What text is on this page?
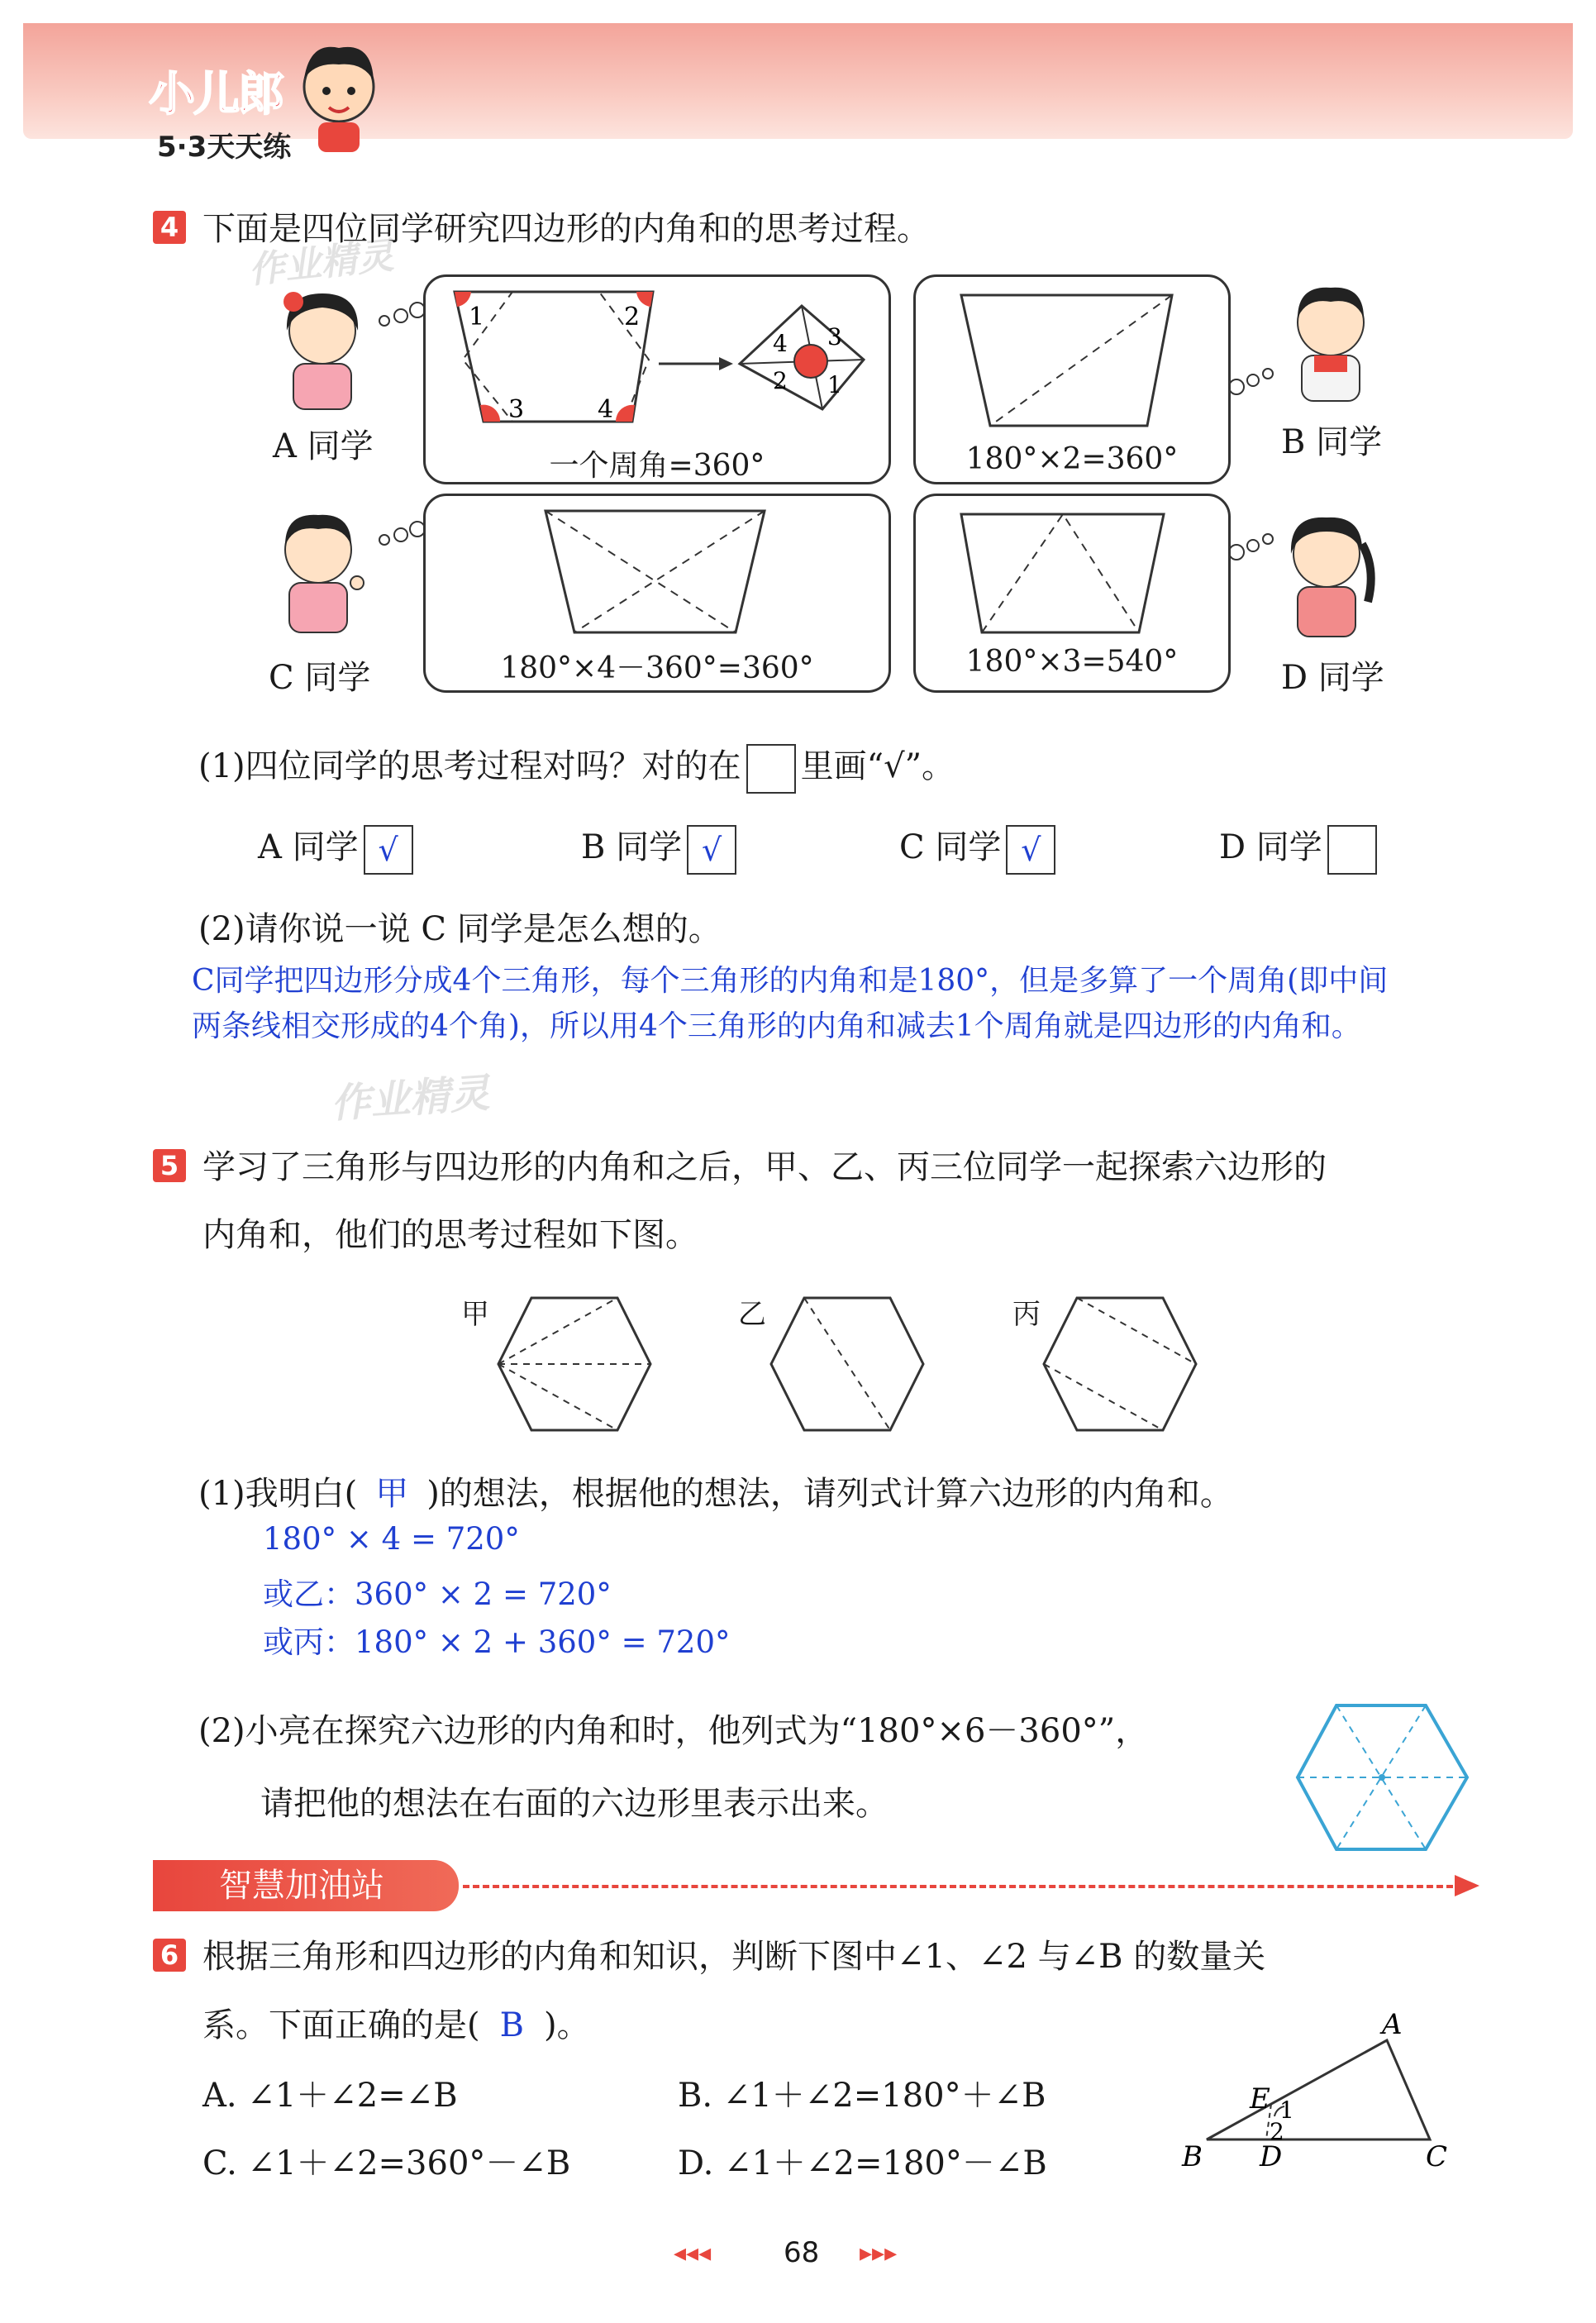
小儿郎
5·3天天练
作业精灵
作业精灵
4 下面是四位同学研究四边形的内角和的思考过程。
1	2
3	4
4 3
2 1
一个周角=360°	180°×2=360°
180°×4－360°=360°	180°×3=540°
A 同学	B 同学
C 同学	D 同学
(1)四位同学的思考过程对吗？对的在 里画“√”。
A 同学 √	B 同学 √	C 同学 √	D 同学
(2)请你说一说 C 同学是怎么想的。
C同学把四边形分成4个三角形，每个三角形的内角和是180°，但是多算了一个周角(即中间
两条线相交形成的4个角)，所以用4个三角形的内角和减去1个周角就是四边形的内角和。
5 学习了三角形与四边形的内角和之后，甲、乙、丙三位同学一起探索六边形的
内角和，他们的思考过程如下图。
甲	乙	丙
(1)我明白( 甲 )的想法，根据他的想法，请列式计算六边形的内角和。
180° × 4 = 720°
或乙：360° × 2 = 720°
或丙：180° × 2 + 360° = 720°
(2)小亮在探究六边形的内角和时，他列式为“180°×6－360°”，
请把他的想法在右面的六边形里表示出来。
智慧加油站
6 根据三角形和四边形的内角和知识，判断下图中∠1、∠2 与∠B 的数量关
系。下面正确的是( B )。
A. ∠1＋∠2=∠B	B. ∠1＋∠2=180°＋∠B
C. ∠1＋∠2=360°－∠B	D. ∠1＋∠2=180°－∠B
A
B	C
D
E 1
2
◂◂◂	68 ▸▸▸
